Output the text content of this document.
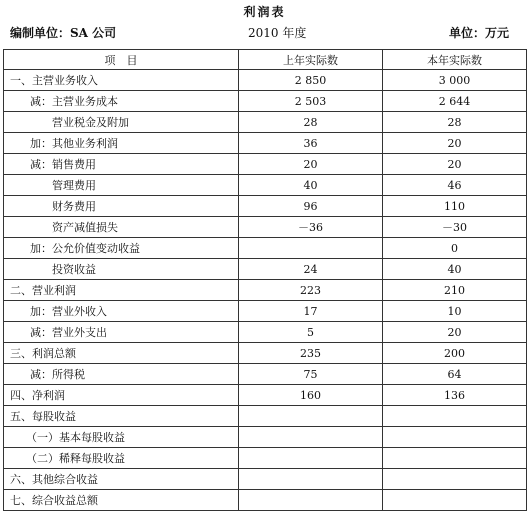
利润表
编制单位：SA 公司	2010 年度	单位：万元
项　目	上年实际数	本年实际数
一、主营业务收入	2 850	3 000
减：主营业务成本	2 503	2 644
营业税金及附加	28	28
加：其他业务利润	36	20
减：销售费用	20	20
管理费用	40	46
财务费用	96	110
资产减值损失	－36	－30
加：公允价值变动收益		0
投资收益	24	40
二、营业利润	223	210
加：营业外收入	17	10
减：营业外支出	5	20
三、利润总额	235	200
减：所得税	75	64
四、净利润	160	136
五、每股收益		
（一）基本每股收益		
（二）稀释每股收益		
六、其他综合收益		
七、综合收益总额		
